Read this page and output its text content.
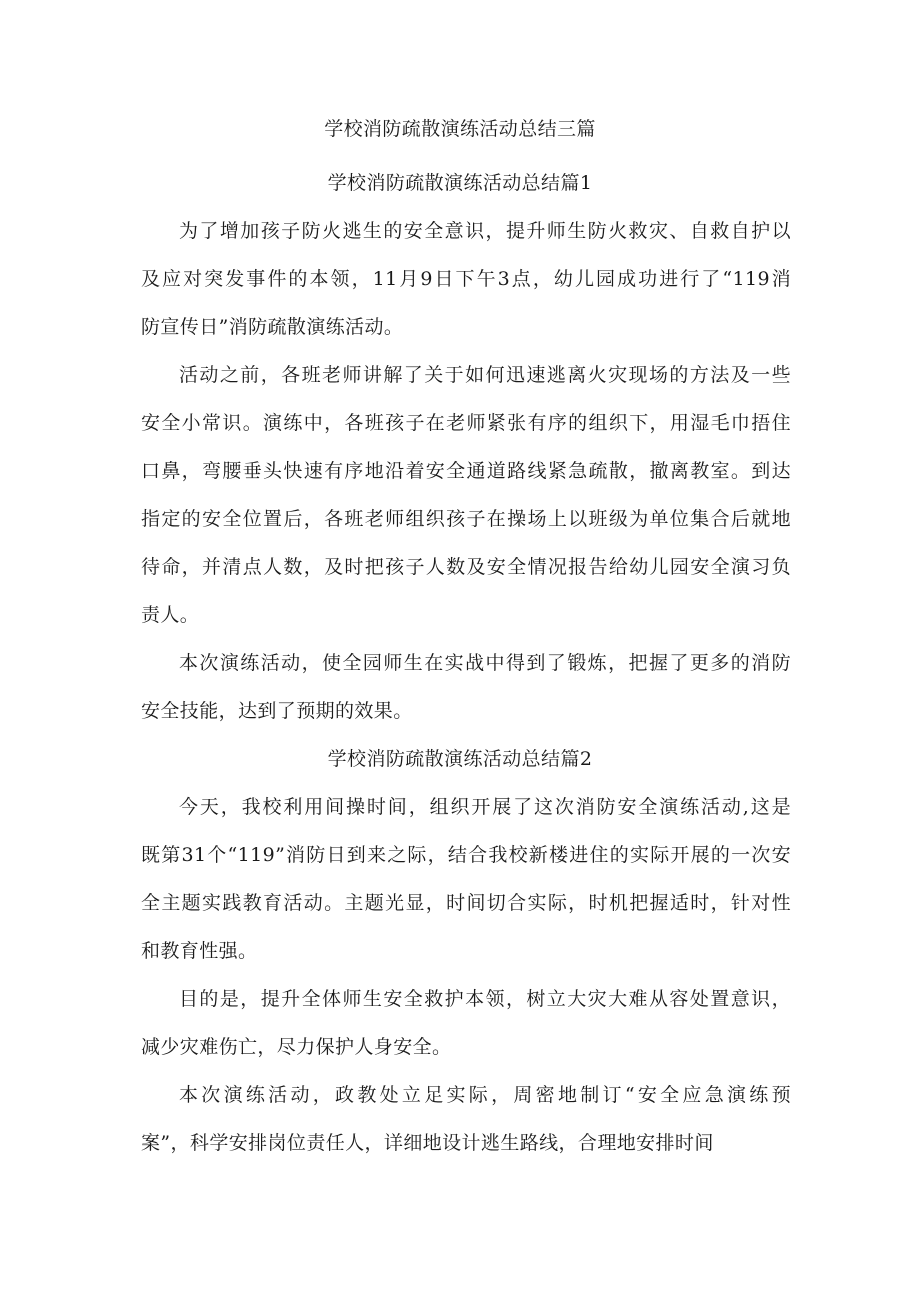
学校消防疏散演练活动总结三篇
学校消防疏散演练活动总结篇1
为了增加孩子防火逃生的安全意识，提升师生防火救灾、自救自护以
及应对突发事件的本领，11月9日下午3点，幼儿园成功进行了“119消
防宣传日”消防疏散演练活动。
活动之前，各班老师讲解了关于如何迅速逃离火灾现场的方法及一些
安全小常识。演练中，各班孩子在老师紧张有序的组织下，用湿毛巾捂住
口鼻，弯腰垂头快速有序地沿着安全通道路线紧急疏散，撤离教室。到达
指定的安全位置后，各班老师组织孩子在操场上以班级为单位集合后就地
待命，并清点人数，及时把孩子人数及安全情况报告给幼儿园安全演习负
责人。
本次演练活动，使全园师生在实战中得到了锻炼，把握了更多的消防
安全技能，达到了预期的效果。
学校消防疏散演练活动总结篇2
今天，我校利用间操时间，组织开展了这次消防安全演练活动,这是
既第31个“119”消防日到来之际，结合我校新楼进住的实际开展的一次安
全主题实践教育活动。主题光显，时间切合实际，时机把握适时，针对性
和教育性强。
目的是，提升全体师生安全救护本领，树立大灾大难从容处置意识，
减少灾难伤亡，尽力保护人身安全。
本次演练活动，政教处立足实际，周密地制订“安全应急演练预
案”，科学安排岗位责任人，详细地设计逃生路线，合理地安排时间
